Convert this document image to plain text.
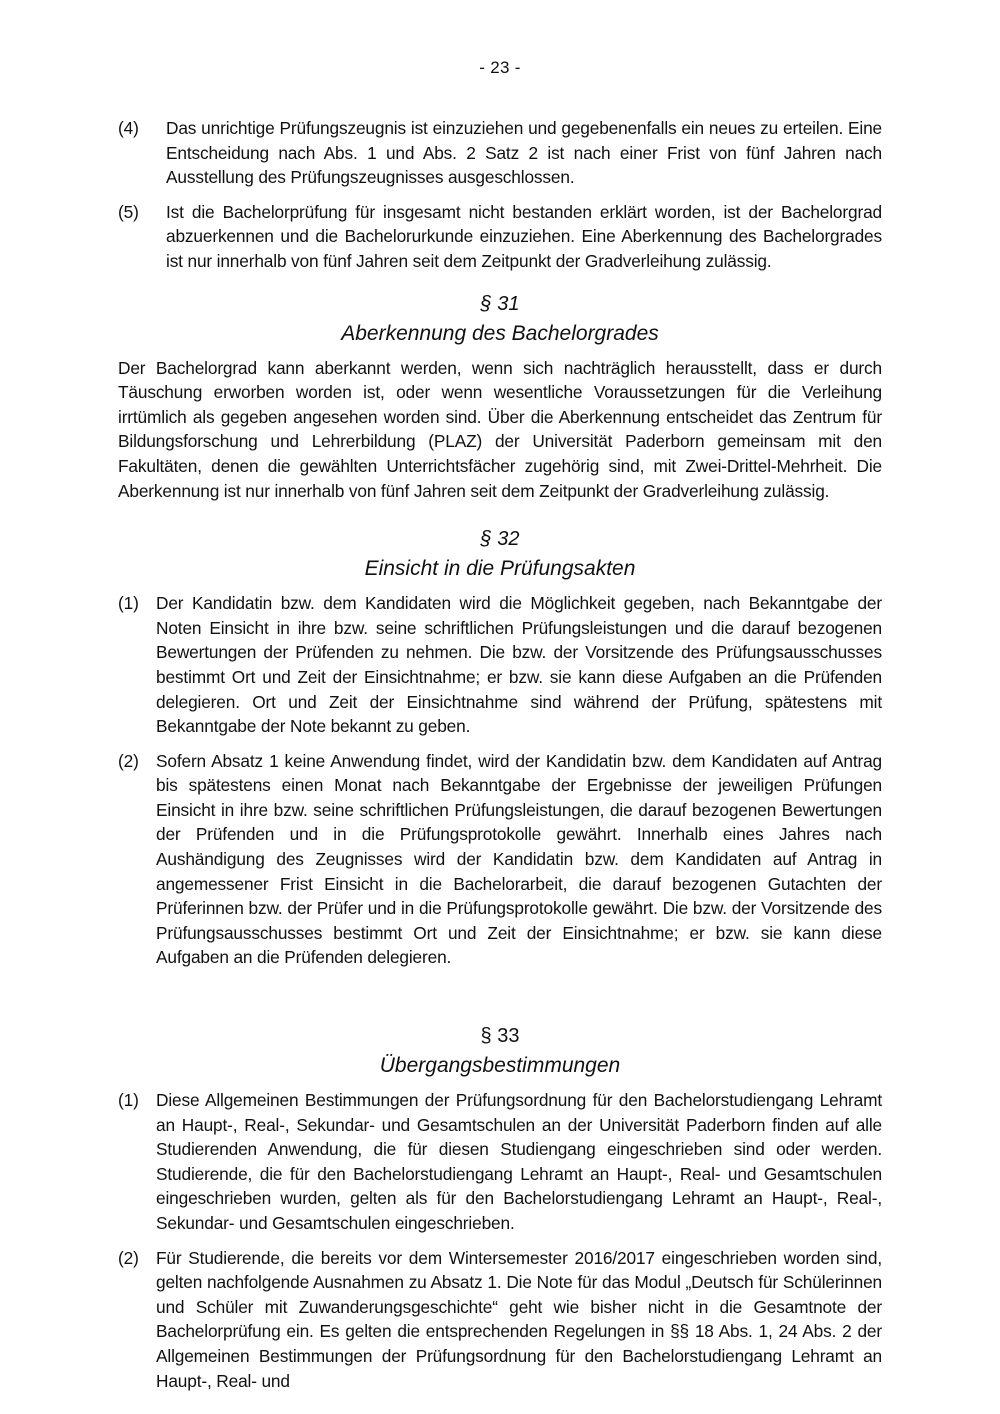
- 23 -
(4) Das unrichtige Prüfungszeugnis ist einzuziehen und gegebenenfalls ein neues zu erteilen. Eine Entscheidung nach Abs. 1 und Abs. 2 Satz 2 ist nach einer Frist von fünf Jahren nach Ausstellung des Prüfungszeugnisses ausgeschlossen.
(5) Ist die Bachelorprüfung für insgesamt nicht bestanden erklärt worden, ist der Bachelorgrad abzuerkennen und die Bachelorurkunde einzuziehen. Eine Aberkennung des Bachelorgrades ist nur innerhalb von fünf Jahren seit dem Zeitpunkt der Gradverleihung zulässig.
§ 31
Aberkennung des Bachelorgrades
Der Bachelorgrad kann aberkannt werden, wenn sich nachträglich herausstellt, dass er durch Täuschung erworben worden ist, oder wenn wesentliche Voraussetzungen für die Verleihung irrtümlich als gegeben angesehen worden sind. Über die Aberkennung entscheidet das Zentrum für Bildungsforschung und Lehrerbildung (PLAZ) der Universität Paderborn gemeinsam mit den Fakultäten, denen die gewählten Unterrichtsfächer zugehörig sind, mit Zwei-Drittel-Mehrheit. Die Aberkennung ist nur innerhalb von fünf Jahren seit dem Zeitpunkt der Gradverleihung zulässig.
§ 32
Einsicht in die Prüfungsakten
(1) Der Kandidatin bzw. dem Kandidaten wird die Möglichkeit gegeben, nach Bekanntgabe der Noten Einsicht in ihre bzw. seine schriftlichen Prüfungsleistungen und die darauf bezogenen Bewertungen der Prüfenden zu nehmen. Die bzw. der Vorsitzende des Prüfungsausschusses bestimmt Ort und Zeit der Einsichtnahme; er bzw. sie kann diese Aufgaben an die Prüfenden delegieren. Ort und Zeit der Einsichtnahme sind während der Prüfung, spätestens mit Bekanntgabe der Note bekannt zu geben.
(2) Sofern Absatz 1 keine Anwendung findet, wird der Kandidatin bzw. dem Kandidaten auf Antrag bis spätestens einen Monat nach Bekanntgabe der Ergebnisse der jeweiligen Prüfungen Einsicht in ihre bzw. seine schriftlichen Prüfungsleistungen, die darauf bezogenen Bewertungen der Prüfenden und in die Prüfungsprotokolle gewährt. Innerhalb eines Jahres nach Aushändigung des Zeugnisses wird der Kandidatin bzw. dem Kandidaten auf Antrag in angemessener Frist Einsicht in die Bachelorarbeit, die darauf bezogenen Gutachten der Prüferinnen bzw. der Prüfer und in die Prüfungsprotokolle gewährt. Die bzw. der Vorsitzende des Prüfungsausschusses bestimmt Ort und Zeit der Einsichtnahme; er bzw. sie kann diese Aufgaben an die Prüfenden delegieren.
§ 33
Übergangsbestimmungen
(1) Diese Allgemeinen Bestimmungen der Prüfungsordnung für den Bachelorstudiengang Lehramt an Haupt-, Real-, Sekundar- und Gesamtschulen an der Universität Paderborn finden auf alle Studierenden Anwendung, die für diesen Studiengang eingeschrieben sind oder werden. Studierende, die für den Bachelorstudiengang Lehramt an Haupt-, Real- und Gesamtschulen eingeschrieben wurden, gelten als für den Bachelorstudiengang Lehramt an Haupt-, Real-, Sekundar- und Gesamtschulen eingeschrieben.
(2) Für Studierende, die bereits vor dem Wintersemester 2016/2017 eingeschrieben worden sind, gelten nachfolgende Ausnahmen zu Absatz 1. Die Note für das Modul „Deutsch für Schülerinnen und Schüler mit Zuwanderungsgeschichte“ geht wie bisher nicht in die Gesamtnote der Bachelorprüfung ein. Es gelten die entsprechenden Regelungen in §§ 18 Abs. 1, 24 Abs. 2 der Allgemeinen Bestimmungen der Prüfungsordnung für den Bachelorstudiengang Lehramt an Haupt-, Real- und
